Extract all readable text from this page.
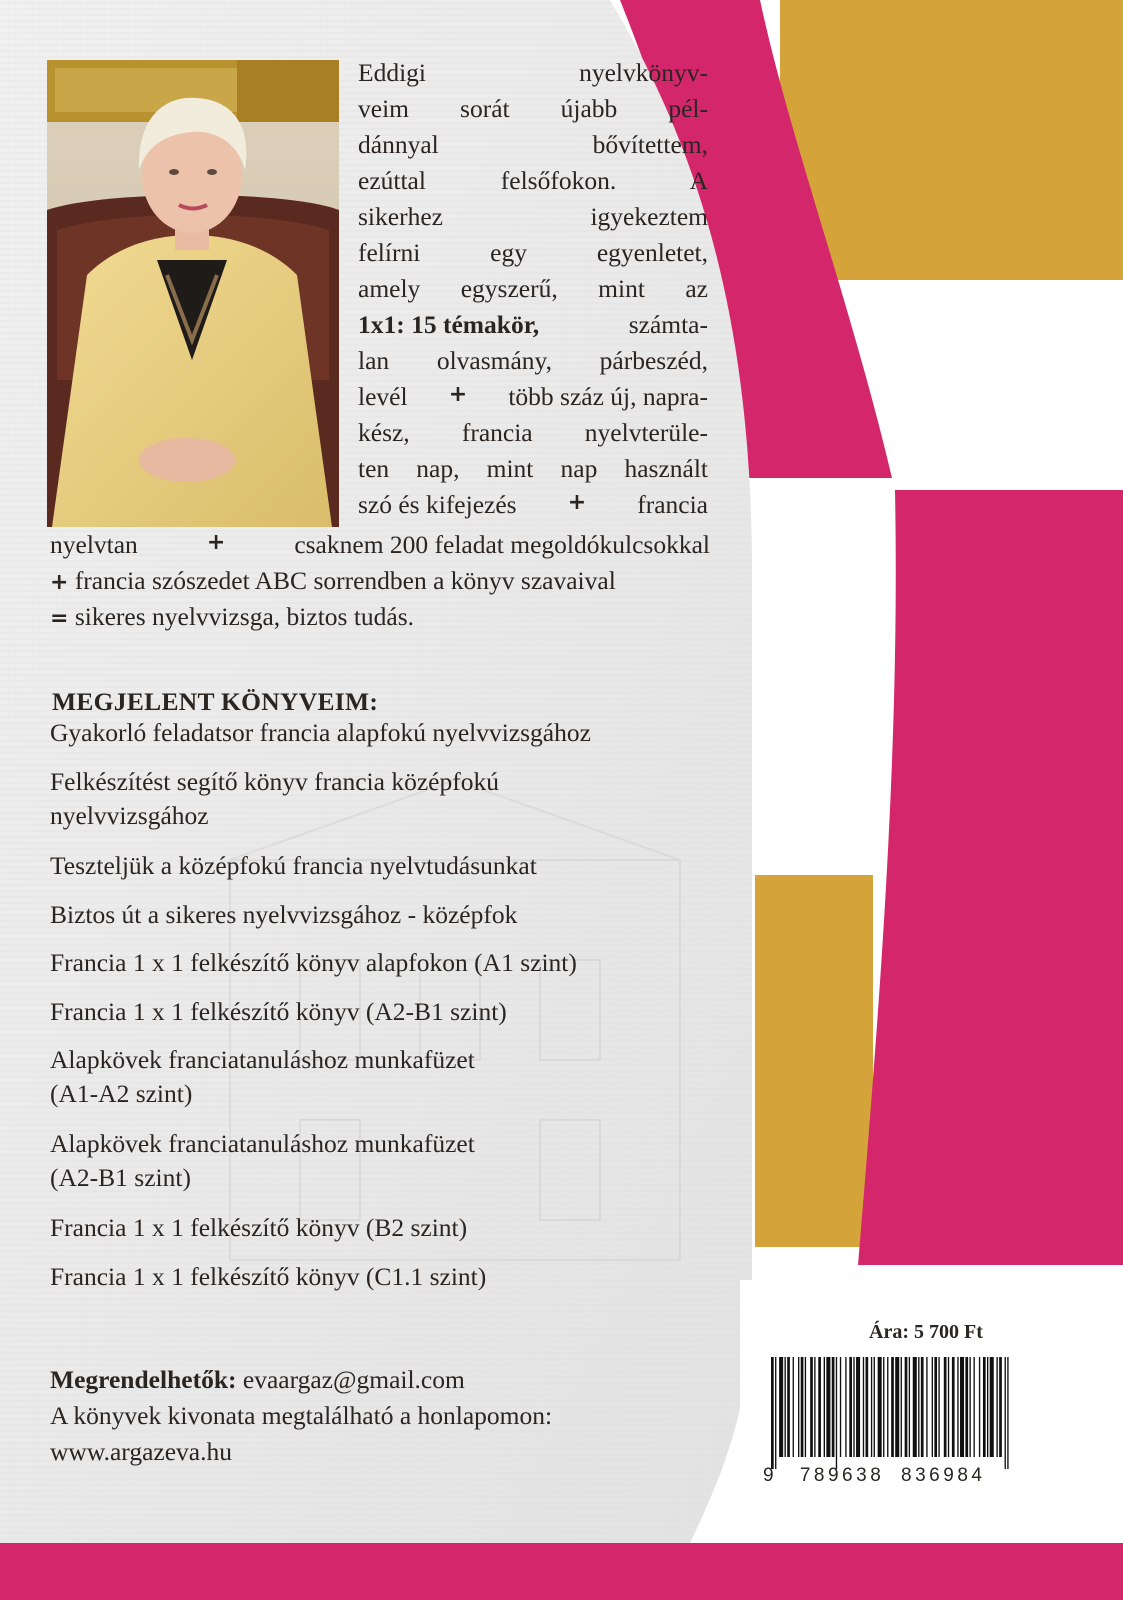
Eddigi nyelvkönyv-
veim sorát újabb pél-
dánnyal bővítettem,
ezúttal felsőfokon. A
sikerhez igyekeztem
felírni egy egyenletet,
amely egyszerű, mint az
1x1: 15 témakör,	számta-
lan olvasmány, párbeszéd,
levél + több száz új, napra-
kész, francia nyelvterüle-
ten nap, mint nap használt
szó és kifejezés + francia
nyelvtan	+	csaknem 200 feladat megoldókulcsokkal
+ francia szószedet ABC sorrendben a könyv szavaival
= sikeres nyelvvizsga, biztos tudás.
MEGJELENT KÖNYVEIM:
Gyakorló feladatsor francia alapfokú nyelvvizsgához
Felkészítést segítő könyv francia középfokú
nyelvvizsgához
Teszteljük a középfokú francia nyelvtudásunkat
Biztos út a sikeres nyelvvizsgához - középfok
Francia 1 x 1 felkészítő könyv alapfokon (A1 szint)
Francia 1 x 1 felkészítő könyv (A2-B1 szint)
Alapkövek franciatanuláshoz munkafüzet
(A1-A2 szint)
Alapkövek franciatanuláshoz munkafüzet
(A2-B1 szint)
Francia 1 x 1 felkészítő könyv (B2 szint)
Francia 1 x 1 felkészítő könyv (C1.1 szint)
Megrendelhetők: evaargaz@gmail.com
A könyvek kivonata megtalálható a honlapomon:
www.argazeva.hu
Ára: 5 700 Ft
9 789638 836984
